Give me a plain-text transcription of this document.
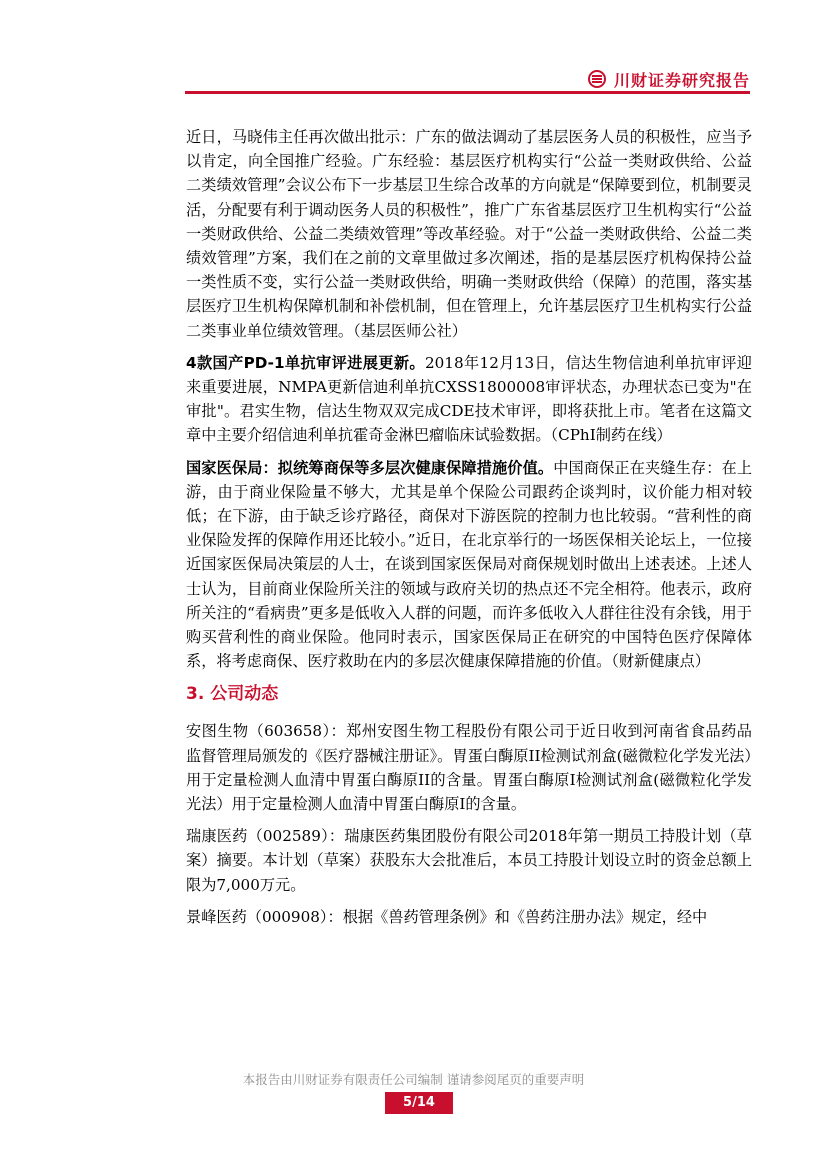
川财证券研究报告

近日，马晓伟主任再次做出批示：广东的做法调动了基层医务人员的积极性，应当予以肯定，向全国推广经验。广东经验：基层医疗机构实行“公益一类财政供给、公益二类绩效管理”会议公布下一步基层卫生综合改革的方向就是“保障要到位，机制要灵活，分配要有利于调动医务人员的积极性”，推广广东省基层医疗卫生机构实行“公益一类财政供给、公益二类绩效管理”等改革经验。对于“公益一类财政供给、公益二类绩效管理”方案，我们在之前的文章里做过多次阐述，指的是基层医疗机构保持公益一类性质不变，实行公益一类财政供给，明确一类财政供给（保障）的范围，落实基层医疗卫生机构保障机制和补偿机制，但在管理上，允许基层医疗卫生机构实行公益二类事业单位绩效管理。（基层医师公社）

4款国产PD-1单抗审评进展更新。2018年12月13日，信达生物信迪利单抗审评迎来重要进展，NMPA更新信迪利单抗CXSS1800008审评状态，办理状态已变为"在审批"。君实生物，信达生物双双完成CDE技术审评，即将获批上市。笔者在这篇文章中主要介绍信迪利单抗霍奇金淋巴瘤临床试验数据。（CPhI制药在线）

国家医保局：拟统筹商保等多层次健康保障措施价值。中国商保正在夹缝生存：在上游，由于商业保险量不够大，尤其是单个保险公司跟药企谈判时，议价能力相对较低；在下游，由于缺乏诊疗路径，商保对下游医院的控制力也比较弱。“营利性的商业保险发挥的保障作用还比较小。”近日，在北京举行的一场医保相关论坛上，一位接近国家医保局决策层的人士，在谈到国家医保局对商保规划时做出上述表述。上述人士认为，目前商业保险所关注的领域与政府关切的热点还不完全相符。他表示，政府所关注的“看病贵”更多是低收入人群的问题，而许多低收入人群往往没有余钱，用于购买营利性的商业保险。他同时表示，国家医保局正在研究的中国特色医疗保障体系，将考虑商保、医疗救助在内的多层次健康保障措施的价值。（财新健康点）

3. 公司动态

安图生物（603658）：郑州安图生物工程股份有限公司于近日收到河南省食品药品监督管理局颁发的《医疗器械注册证》。胃蛋白酶原II检测试剂盒(磁微粒化学发光法）用于定量检测人血清中胃蛋白酶原II的含量。胃蛋白酶原I检测试剂盒(磁微粒化学发光法）用于定量检测人血清中胃蛋白酶原I的含量。

瑞康医药（002589）：瑞康医药集团股份有限公司2018年第一期员工持股计划（草案）摘要。本计划（草案）获股东大会批准后，本员工持股计划设立时的资金总额上限为7,000万元。

景峰医药（000908）：根据《兽药管理条例》和《兽药注册办法》规定，经中

本报告由川财证券有限责任公司编制 谨请参阅尾页的重要声明
5/14
